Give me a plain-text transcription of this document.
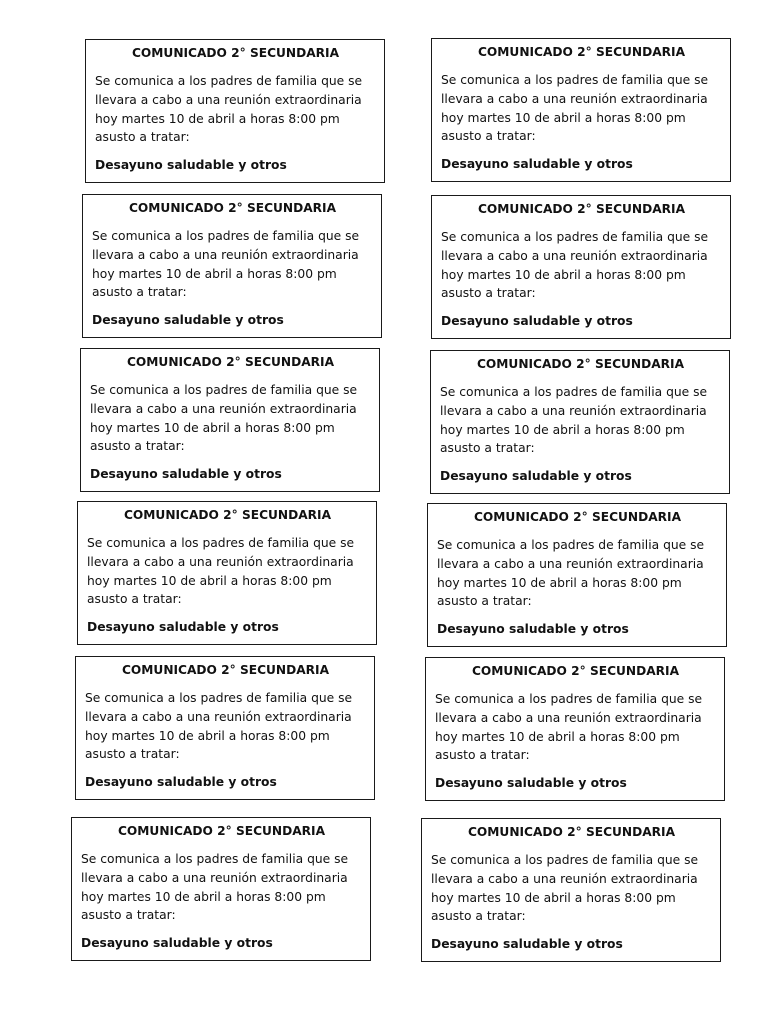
COMUNICADO 2° SECUNDARIA
Se comunica a los padres de familia que se
llevara a cabo a una reunión extraordinaria
hoy martes 10 de abril a horas 8:00 pm
asusto a tratar:
Desayuno saludable y otros
COMUNICADO 2° SECUNDARIA
Se comunica a los padres de familia que se
llevara a cabo a una reunión extraordinaria
hoy martes 10 de abril a horas 8:00 pm
asusto a tratar:
Desayuno saludable y otros
COMUNICADO 2° SECUNDARIA
Se comunica a los padres de familia que se
llevara a cabo a una reunión extraordinaria
hoy martes 10 de abril a horas 8:00 pm
asusto a tratar:
Desayuno saludable y otros
COMUNICADO 2° SECUNDARIA
Se comunica a los padres de familia que se
llevara a cabo a una reunión extraordinaria
hoy martes 10 de abril a horas 8:00 pm
asusto a tratar:
Desayuno saludable y otros
COMUNICADO 2° SECUNDARIA
Se comunica a los padres de familia que se
llevara a cabo a una reunión extraordinaria
hoy martes 10 de abril a horas 8:00 pm
asusto a tratar:
Desayuno saludable y otros
COMUNICADO 2° SECUNDARIA
Se comunica a los padres de familia que se
llevara a cabo a una reunión extraordinaria
hoy martes 10 de abril a horas 8:00 pm
asusto a tratar:
Desayuno saludable y otros
COMUNICADO 2° SECUNDARIA
Se comunica a los padres de familia que se
llevara a cabo a una reunión extraordinaria
hoy martes 10 de abril a horas 8:00 pm
asusto a tratar:
Desayuno saludable y otros
COMUNICADO 2° SECUNDARIA
Se comunica a los padres de familia que se
llevara a cabo a una reunión extraordinaria
hoy martes 10 de abril a horas 8:00 pm
asusto a tratar:
Desayuno saludable y otros
COMUNICADO 2° SECUNDARIA
Se comunica a los padres de familia que se
llevara a cabo a una reunión extraordinaria
hoy martes 10 de abril a horas 8:00 pm
asusto a tratar:
Desayuno saludable y otros
COMUNICADO 2° SECUNDARIA
Se comunica a los padres de familia que se
llevara a cabo a una reunión extraordinaria
hoy martes 10 de abril a horas 8:00 pm
asusto a tratar:
Desayuno saludable y otros
COMUNICADO 2° SECUNDARIA
Se comunica a los padres de familia que se
llevara a cabo a una reunión extraordinaria
hoy martes 10 de abril a horas 8:00 pm
asusto a tratar:
Desayuno saludable y otros
COMUNICADO 2° SECUNDARIA
Se comunica a los padres de familia que se
llevara a cabo a una reunión extraordinaria
hoy martes 10 de abril a horas 8:00 pm
asusto a tratar:
Desayuno saludable y otros
